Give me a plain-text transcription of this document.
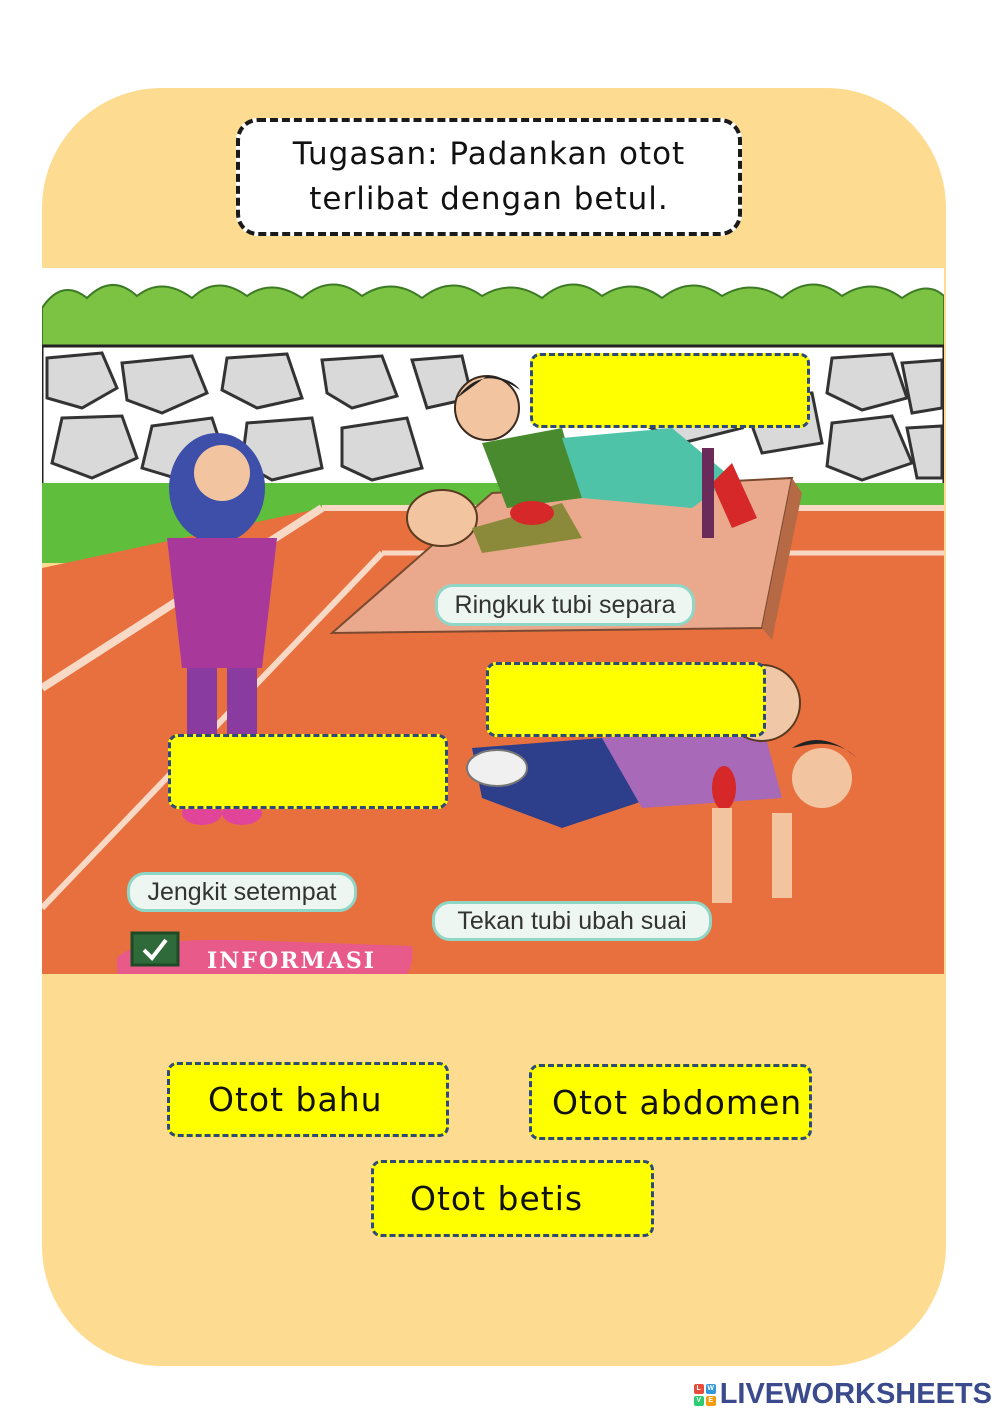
Tugasan: Padankan otot terlibat dengan betul.
Ringkuk tubi separa
Jengkit setempat
Tekan tubi ubah suai
INFORMASI
Otot bahu	Otot abdomen
Otot betis
L W
V	E LIVEWORKSHEETS
